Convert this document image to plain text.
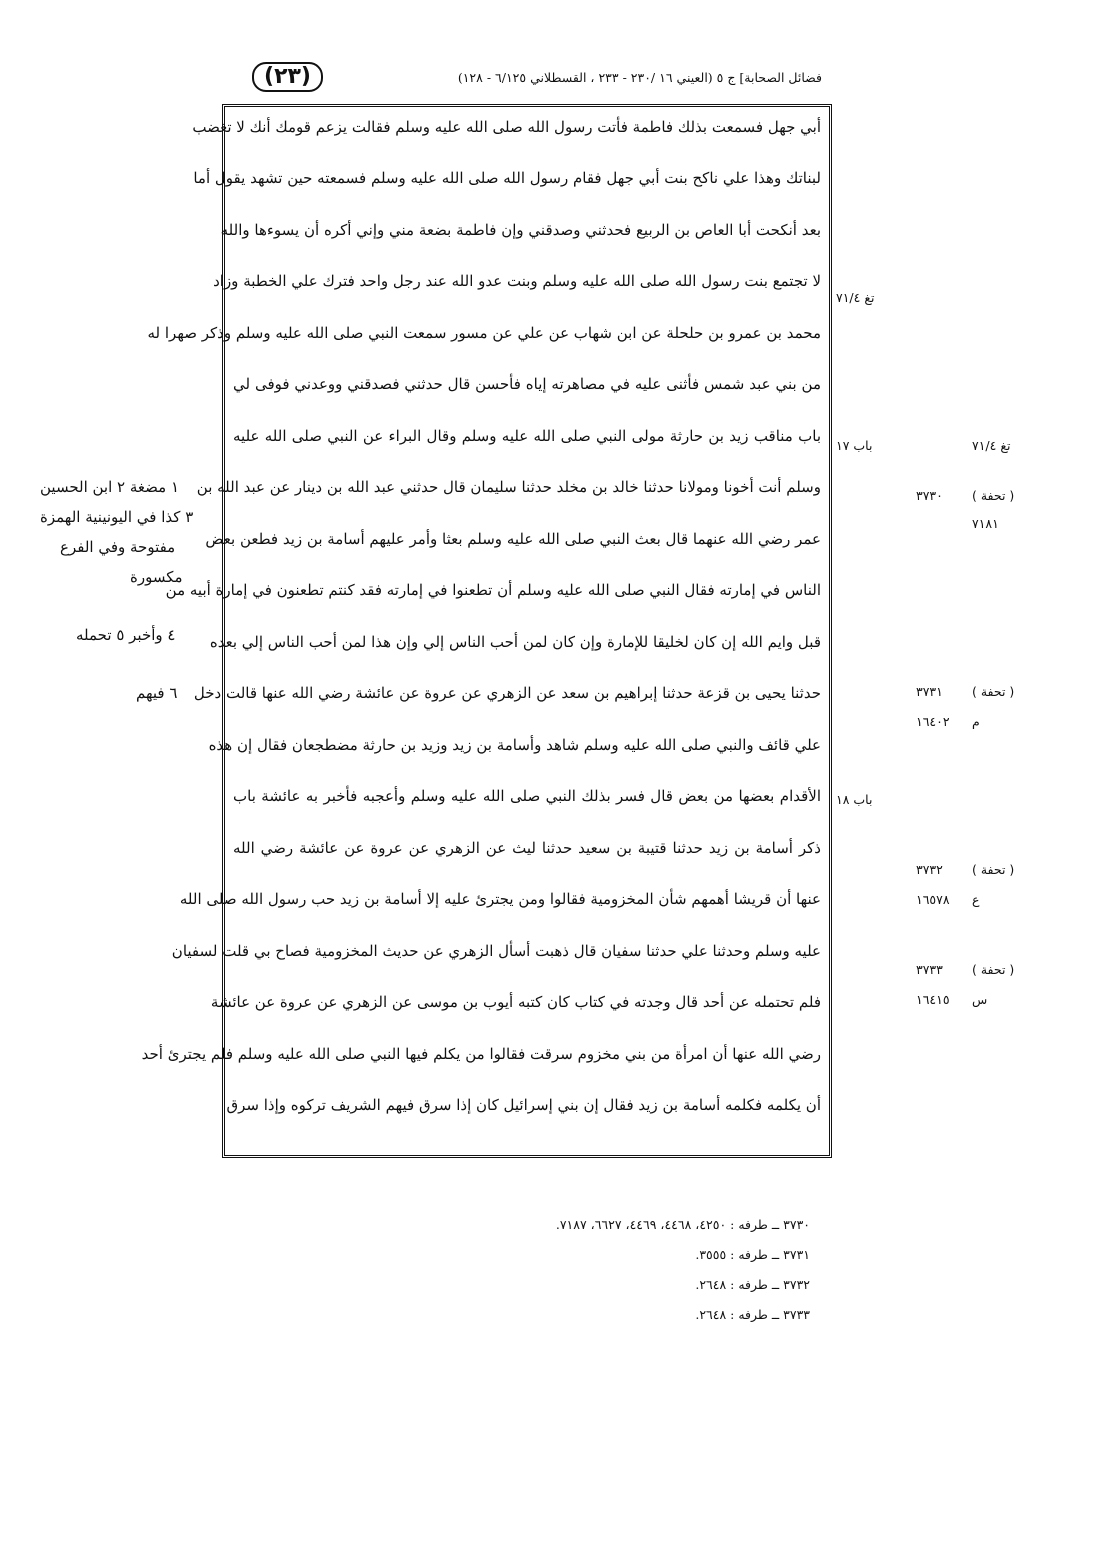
(٢٣)	فضائل الصحابة] ج ٥ (العيني ١٦ /٢٣٠ - ٢٣٣ ، القسطلاني ٦/١٢٥ - ١٢٨)
أبي جهل فسمعت بذلك فاطمة فأتت رسول الله صلى الله عليه وسلم فقالت يزعم قومك أنك لا تغضب
لبناتك وهذا علي ناكح بنت أبي جهل فقام رسول الله صلى الله عليه وسلم فسمعته حين تشهد يقول أما
بعد أنكحت أبا العاص بن الربيع فحدثني وصدقني وإن فاطمة بضعة مني وإني أكره أن يسوءها والله
لا تجتمع بنت رسول الله صلى الله عليه وسلم وبنت عدو الله عند رجل واحد فترك علي الخطبة وزاد
محمد بن عمرو بن حلحلة عن ابن شهاب عن علي عن مسور سمعت النبي صلى الله عليه وسلم وذكر صهرا له
من بني عبد شمس فأثنى عليه في مصاهرته إياه فأحسن قال حدثني فصدقني ووعدني فوفى لي
باب مناقب زيد بن حارثة مولى النبي صلى الله عليه وسلم وقال البراء عن النبي صلى الله عليه
وسلم أنت أخونا ومولانا حدثنا خالد بن مخلد حدثنا سليمان قال حدثني عبد الله بن دينار عن عبد الله بن
عمر رضي الله عنهما قال بعث النبي صلى الله عليه وسلم بعثا وأمر عليهم أسامة بن زيد فطعن بعض
الناس في إمارته فقال النبي صلى الله عليه وسلم أن تطعنوا في إمارته فقد كنتم تطعنون في إمارة أبيه من
قبل وايم الله إن كان لخليقا للإمارة وإن كان لمن أحب الناس إلي وإن هذا لمن أحب الناس إلي بعده
حدثنا يحيى بن قزعة حدثنا إبراهيم بن سعد عن الزهري عن عروة عن عائشة رضي الله عنها قالت دخل
علي قائف والنبي صلى الله عليه وسلم شاهد وأسامة بن زيد وزيد بن حارثة مضطجعان فقال إن هذه
الأقدام بعضها من بعض قال فسر بذلك النبي صلى الله عليه وسلم وأعجبه فأخبر به عائشة باب
ذكر أسامة بن زيد حدثنا قتيبة بن سعيد حدثنا ليث عن الزهري عن عروة عن عائشة رضي الله
عنها أن قريشا أهمهم شأن المخزومية فقالوا ومن يجترئ عليه إلا أسامة بن زيد حب رسول الله صلى الله
عليه وسلم وحدثنا علي حدثنا سفيان قال ذهبت أسأل الزهري عن حديث المخزومية فصاح بي قلت لسفيان
فلم تحتمله عن أحد قال وجدته في كتاب كان كتبه أيوب بن موسى عن الزهري عن عروة عن عائشة
رضي الله عنها أن امرأة من بني مخزوم سرقت فقالوا من يكلم فيها النبي صلى الله عليه وسلم فلم يجترئ أحد
أن يكلمه فكلمه أسامة بن زيد فقال إن بني إسرائيل كان إذا سرق فيهم الشريف تركوه وإذا سرق
تغ ٧١/٤
باب ١٧	تغ ٧١/٤
٣٧٣٠ ( تحفة )
٧١٨١
٣٧٣١ ( تحفة )
١٦٤٠٢ م
باب ١٨
٣٧٣٢ ( تحفة )
١٦٥٧٨ ع
٣٧٣٣ ( تحفة )
١٦٤١٥ س
١ مضغة ٢ ابن الحسين
٣ كذا في اليونينية الهمزة
مفتوحة وفي الفرع
مكسورة
٤ وأخبر ٥ تحمله
٦ فيهم
٣٧٣٠ ــ طرفه : ٤٢٥٠، ٤٤٦٨، ٤٤٦٩، ٦٦٢٧، ٧١٨٧.
٣٧٣١ ــ طرفه : ٣٥٥٥.
٣٧٣٢ ــ طرفه : ٢٦٤٨.
٣٧٣٣ ــ طرفه : ٢٦٤٨.
